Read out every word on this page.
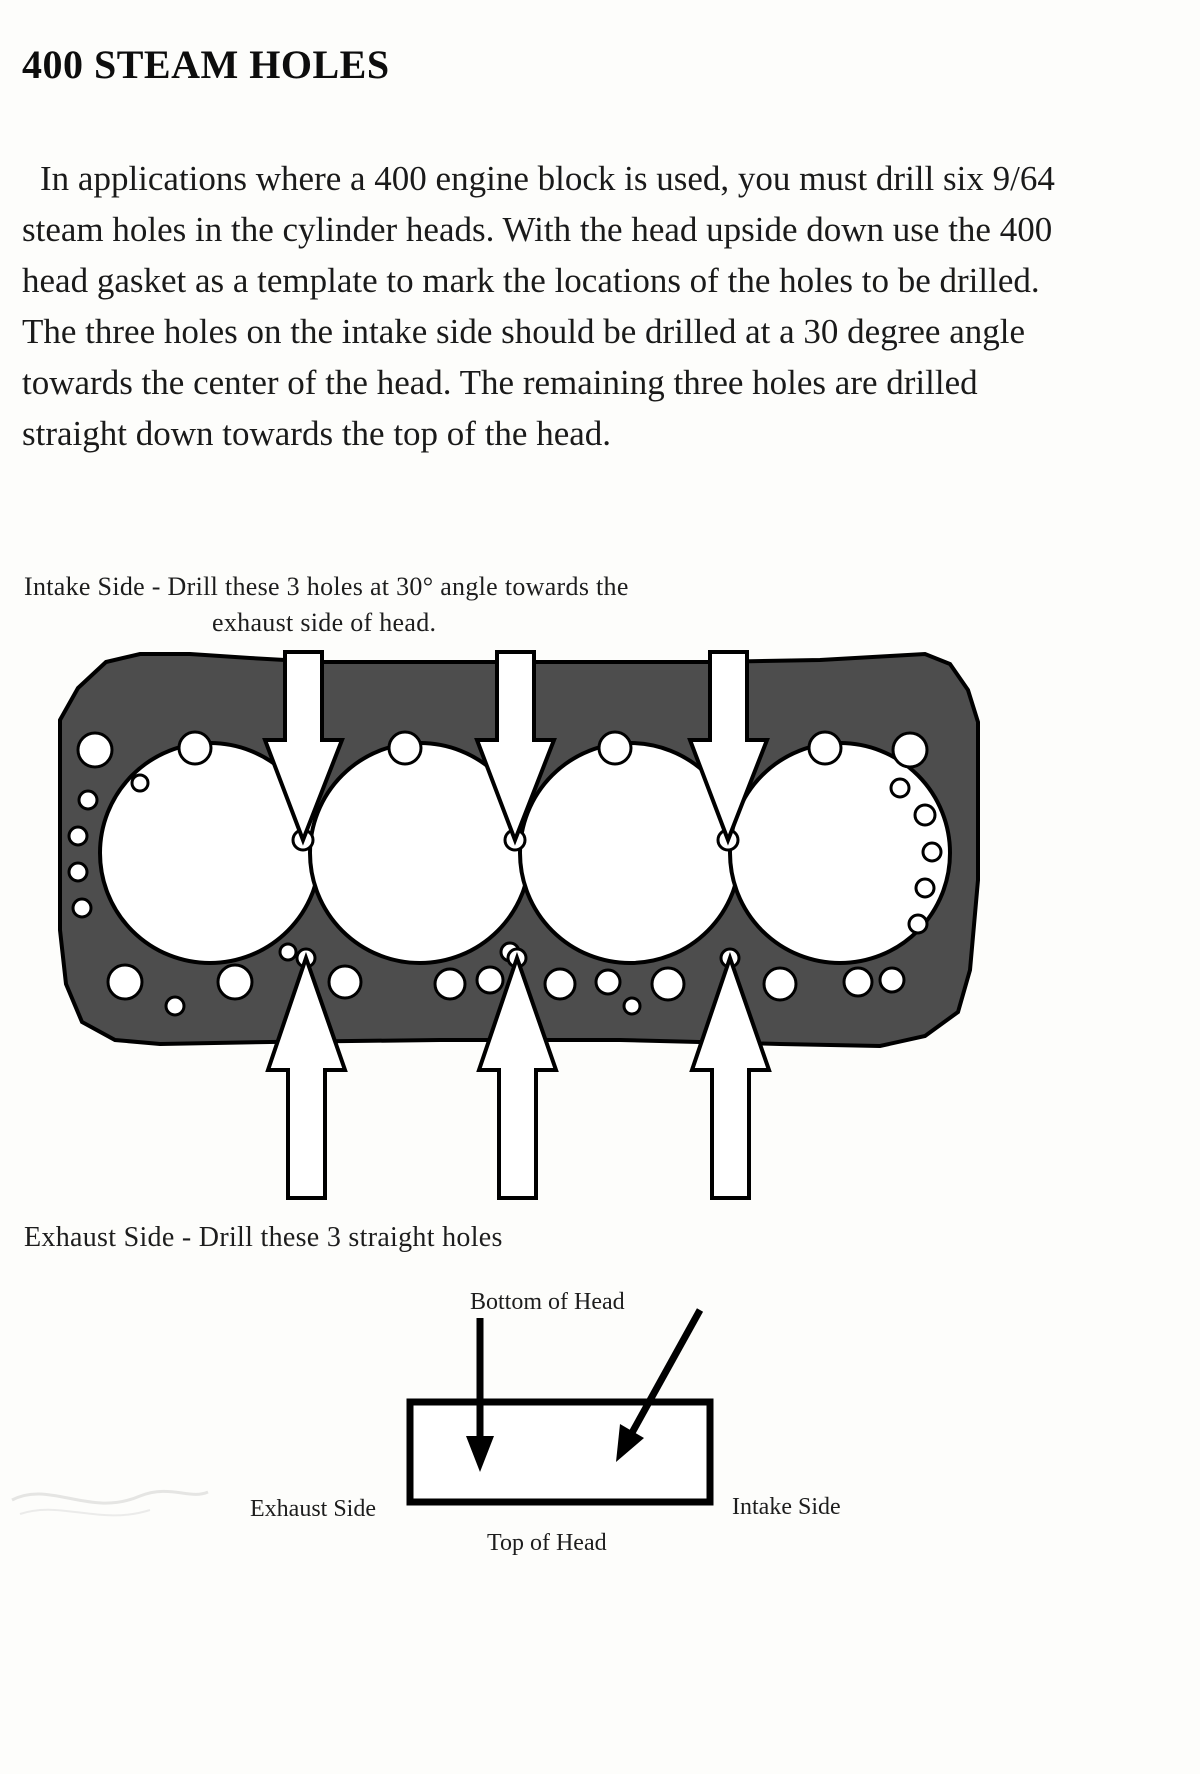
400 STEAM HOLES

In applications where a 400 engine block is used, you must drill six 9/64 steam holes in the cylinder heads. With the head upside down use the 400 head gasket as a template to mark the locations of the holes to be drilled. The three holes on the intake side should be drilled at a 30 degree angle towards the center of the head. The remaining three holes are drilled straight down towards the top of the head.

Intake Side - Drill these 3 holes at 30° angle towards the
exhaust side of head.
Exhaust Side - Drill these 3 straight holes
Bottom of Head
Exhaust Side	Intake Side
Top of Head
